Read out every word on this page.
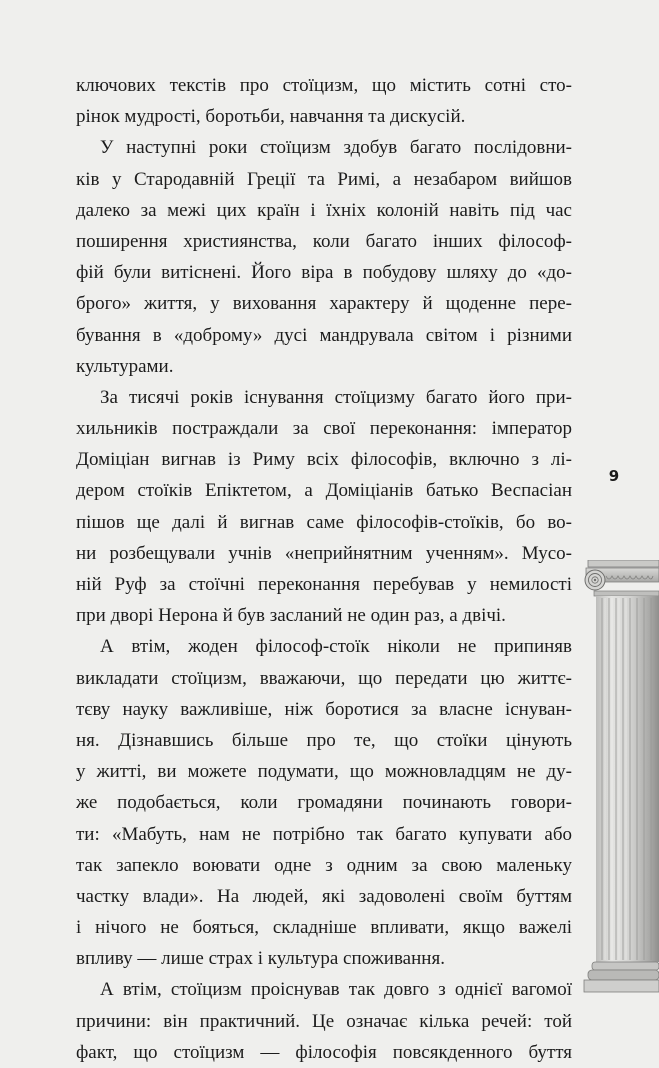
ключових текстів про стоїцизм, що містить сотні сто-
рінок мудрості, боротьби, навчання та дискусій.
У наступні роки стоїцизм здобув багато послідовни-
ків у Стародавній Греції та Римі, а незабаром вийшов
далеко за межі цих країн і їхніх колоній навіть під час
поширення християнства, коли багато інших філософ-
фій були витіснені. Його віра в побудову шляху до «до-
брого» життя, у виховання характеру й щоденне пере-
бування в «доброму» дусі мандрувала світом і різними
культурами.
За тисячі років існування стоїцизму багато його при-
хильників постраждали за свої переконання: імператор
Доміціан вигнав із Риму всіх філософів, включно з лі-
дером стоїків Епіктетом, а Доміціанів батько Веспасіан
пішов ще далі й вигнав саме філософів-стоїків, бо во-
ни розбещували учнів «неприйнятним ученням». Мусо-
ній Руф за стоїчні переконання перебував у немилості
при дворі Нерона й був засланий не один раз, а двічі.
А втім, жоден філософ-стоїк ніколи не припиняв
викладати стоїцизм, вважаючи, що передати цю життє-
тєву науку важливіше, ніж боротися за власне існуван-
ня. Дізнавшись більше про те, що стоїки цінують
у житті, ви можете подумати, що можновладцям не ду-
же подобається, коли громадяни починають говори-
ти: «Мабуть, нам не потрібно так багато купувати або
так запекло воювати одне з одним за свою маленьку
частку влади». На людей, які задоволені своїм буттям
і нічого не бояться, складніше впливати, якщо важелі
впливу — лише страх і культура споживання.
А втім, стоїцизм проіснував так довго з однієї вагомої
причини: він практичний. Це означає кілька речей: той
факт, що стоїцизм — філософія повсякденного буття
9
